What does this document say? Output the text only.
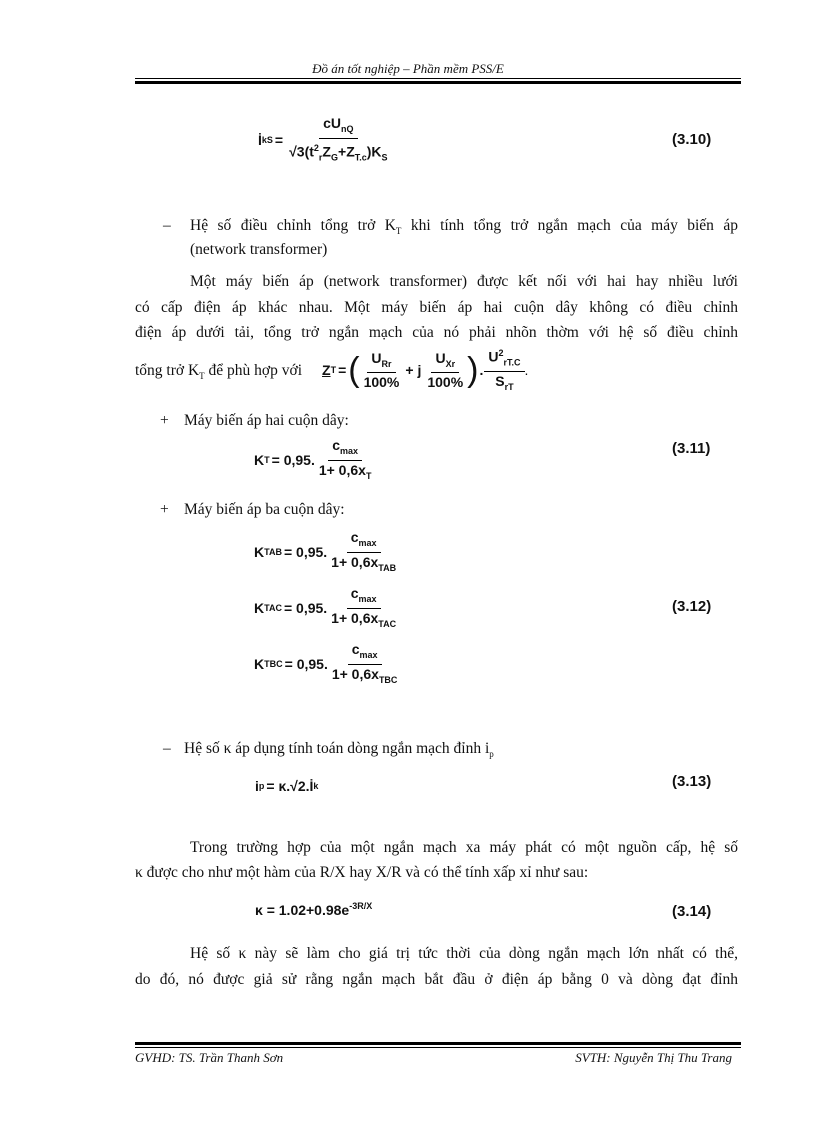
Đồ án tốt nghiệp – Phần mềm PSS/E
İ kS = $\frac{cU_{nQ}}{√3(t^2_rZ_G+Z_{T.c})K_S}$	(3.10)
– Hệ số điều chỉnh tổng trở $K_T$ khi tính tổng trở ngắn mạch của máy biến áp
(network transformer)
Một máy biến áp (network transformer) được kết nối với hai hay nhiều lưới
có cấp điện áp khác nhau. Một máy biến áp hai cuộn dây không có điều chỉnh
điện áp dưới tải, tổng trở ngắn mạch của nó phải nhõn thờm với hệ số điều chỉnh
tổng trở $K_T$ để phù hợp với Z T = ( $\frac{U_{Rr}}{100\%} + j \frac{U_{Xr}}{100\%}$ ) . $\frac{U^2_{rT.C}}{S_{rT}}$ .
+ Máy biến áp hai cuộn dây:
K T = 0,95. $\frac{c_{max}}{1+ 0,6x_T}$	(3.11)
+ Máy biến áp ba cuộn dây:
K TAB = 0,95. $\frac{c_{max}}{1+ 0,6x_{TAB}}$
K TAC = 0,95. $\frac{c_{max}}{1+ 0,6x_{TAC}}$	(3.12)
K TBC = 0,95. $\frac{c_{max}}{1+ 0,6x_{TBC}}$
– Hệ số κ áp dụng tính toán dòng ngắn mạch đỉnh $i_p$
i p = κ.√2.İ k	(3.13)
Trong trường hợp của một ngắn mạch xa máy phát có một nguồn cấp, hệ số
κ được cho như một hàm của R/X hay X/R và có thể tính xấp xỉ như sau:
$\kappa = 1.02+0.98e^{-3R/X}$	(3.14)
Hệ số κ này sẽ làm cho giá trị tức thời của dòng ngắn mạch lớn nhất có thể,
do đó, nó được giả sử rằng ngắn mạch bắt đầu ở điện áp bằng 0 và dòng đạt đỉnh
GVHD: TS. Trần Thanh Sơn	SVTH: Nguyễn Thị Thu Trang
